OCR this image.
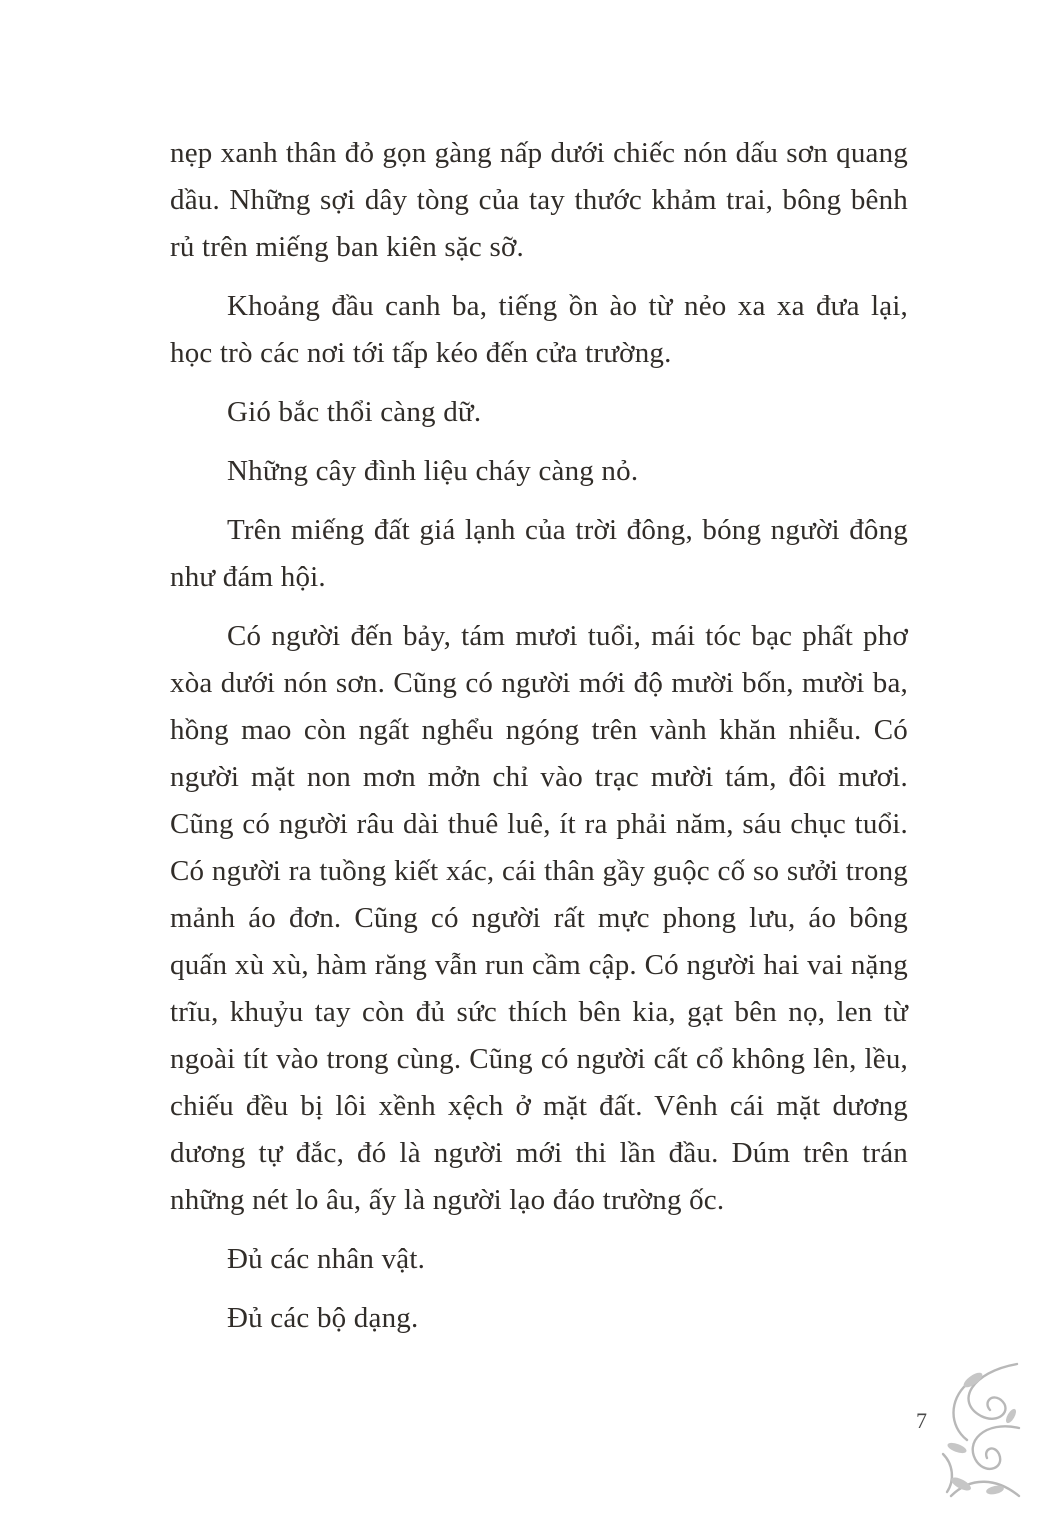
nẹp xanh thân đỏ gọn gàng nấp dưới chiếc nón dấu sơn quang dầu. Những sợi dây tòng của tay thước khảm trai, bông bênh rủ trên miếng ban kiên sặc sỡ.

Khoảng đầu canh ba, tiếng ồn ào từ nẻo xa xa đưa lại, học trò các nơi tới tấp kéo đến cửa trường.

Gió bắc thổi càng dữ.

Những cây đình liệu cháy càng nỏ.

Trên miếng đất giá lạnh của trời đông, bóng người đông như đám hội.

Có người đến bảy, tám mươi tuổi, mái tóc bạc phất phơ xòa dưới nón sơn. Cũng có người mới độ mười bốn, mười ba, hồng mao còn ngất nghểu ngóng trên vành khăn nhiễu. Có người mặt non mơn mởn chỉ vào trạc mười tám, đôi mươi. Cũng có người râu dài thuê luê, ít ra phải năm, sáu chục tuổi. Có người ra tuồng kiết xác, cái thân gầy guộc cố so sưởi trong mảnh áo đơn. Cũng có người rất mực phong lưu, áo bông quấn xù xù, hàm răng vẫn run cầm cập. Có người hai vai nặng trĩu, khuỷu tay còn đủ sức thích bên kia, gạt bên nọ, len từ ngoài tít vào trong cùng. Cũng có người cất cổ không lên, lều, chiếu đều bị lôi xềnh xệch ở mặt đất. Vênh cái mặt dương dương tự đắc, đó là người mới thi lần đầu. Dúm trên trán những nét lo âu, ấy là người lạo đáo trường ốc.

Đủ các nhân vật.

Đủ các bộ dạng.

7
